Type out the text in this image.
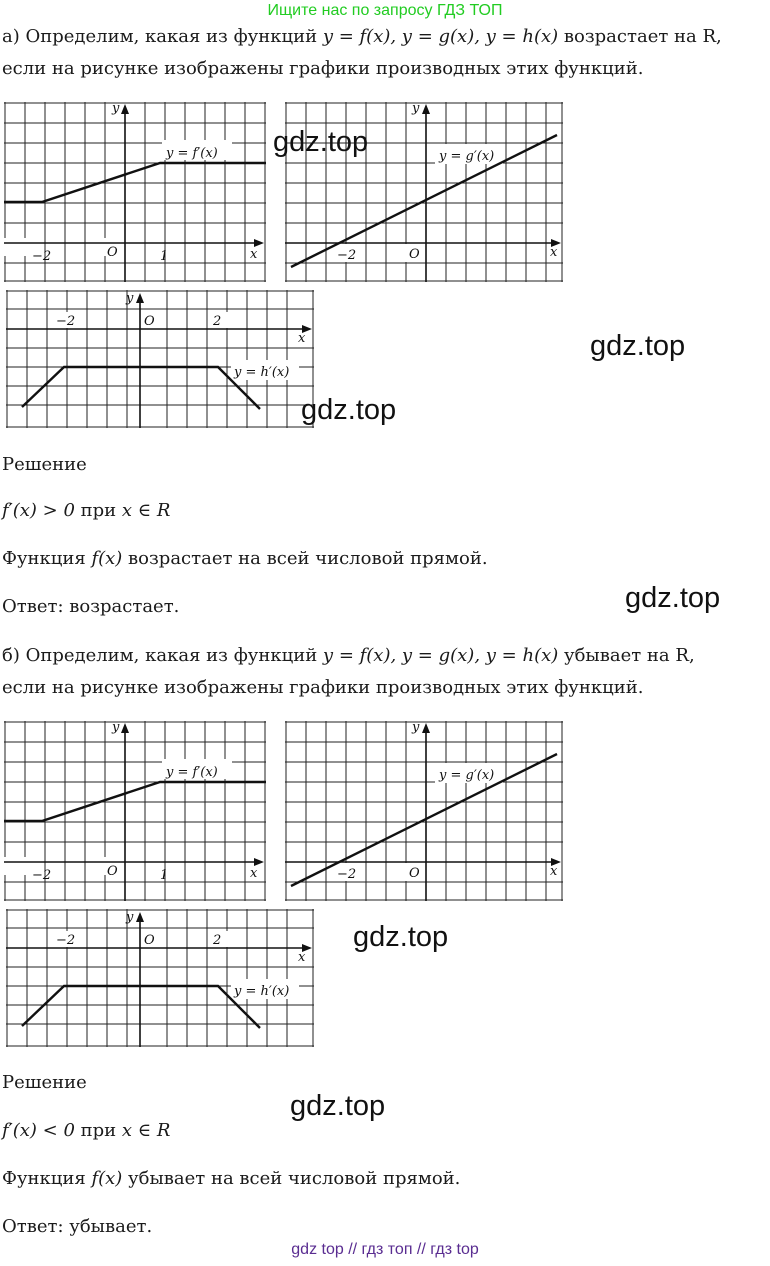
Ищите нас по запросу ГДЗ ТОП
а) Определим, какая из функций y = f(x), y = g(x), y = h(x) возрастает на R,
если на рисунке изображены графики производных этих функций.
y
x
O
−2	1
y = f′(x)
y
x
O
−2
y = g′(x)
y
x
O
−2	2
y = h′(x)
Решение
f′(x) > 0 при x ∈ R
Функция f(x) возрастает на всей числовой прямой.
Ответ: возрастает.
б) Определим, какая из функций y = f(x), y = g(x), y = h(x) убывает на R,
если на рисунке изображены графики производных этих функций.
y
x
O
−2	1
y = f′(x)
y
x
O
−2
y = g′(x)
y
x
O
−2	2
y = h′(x)
Решение
f′(x) < 0 при x ∈ R
Функция f(x) убывает на всей числовой прямой.
Ответ: убывает.
gdz.top
gdz.top
gdz.top
gdz.top
gdz.top
gdz.top
gdz top // гдз топ // гдз top
